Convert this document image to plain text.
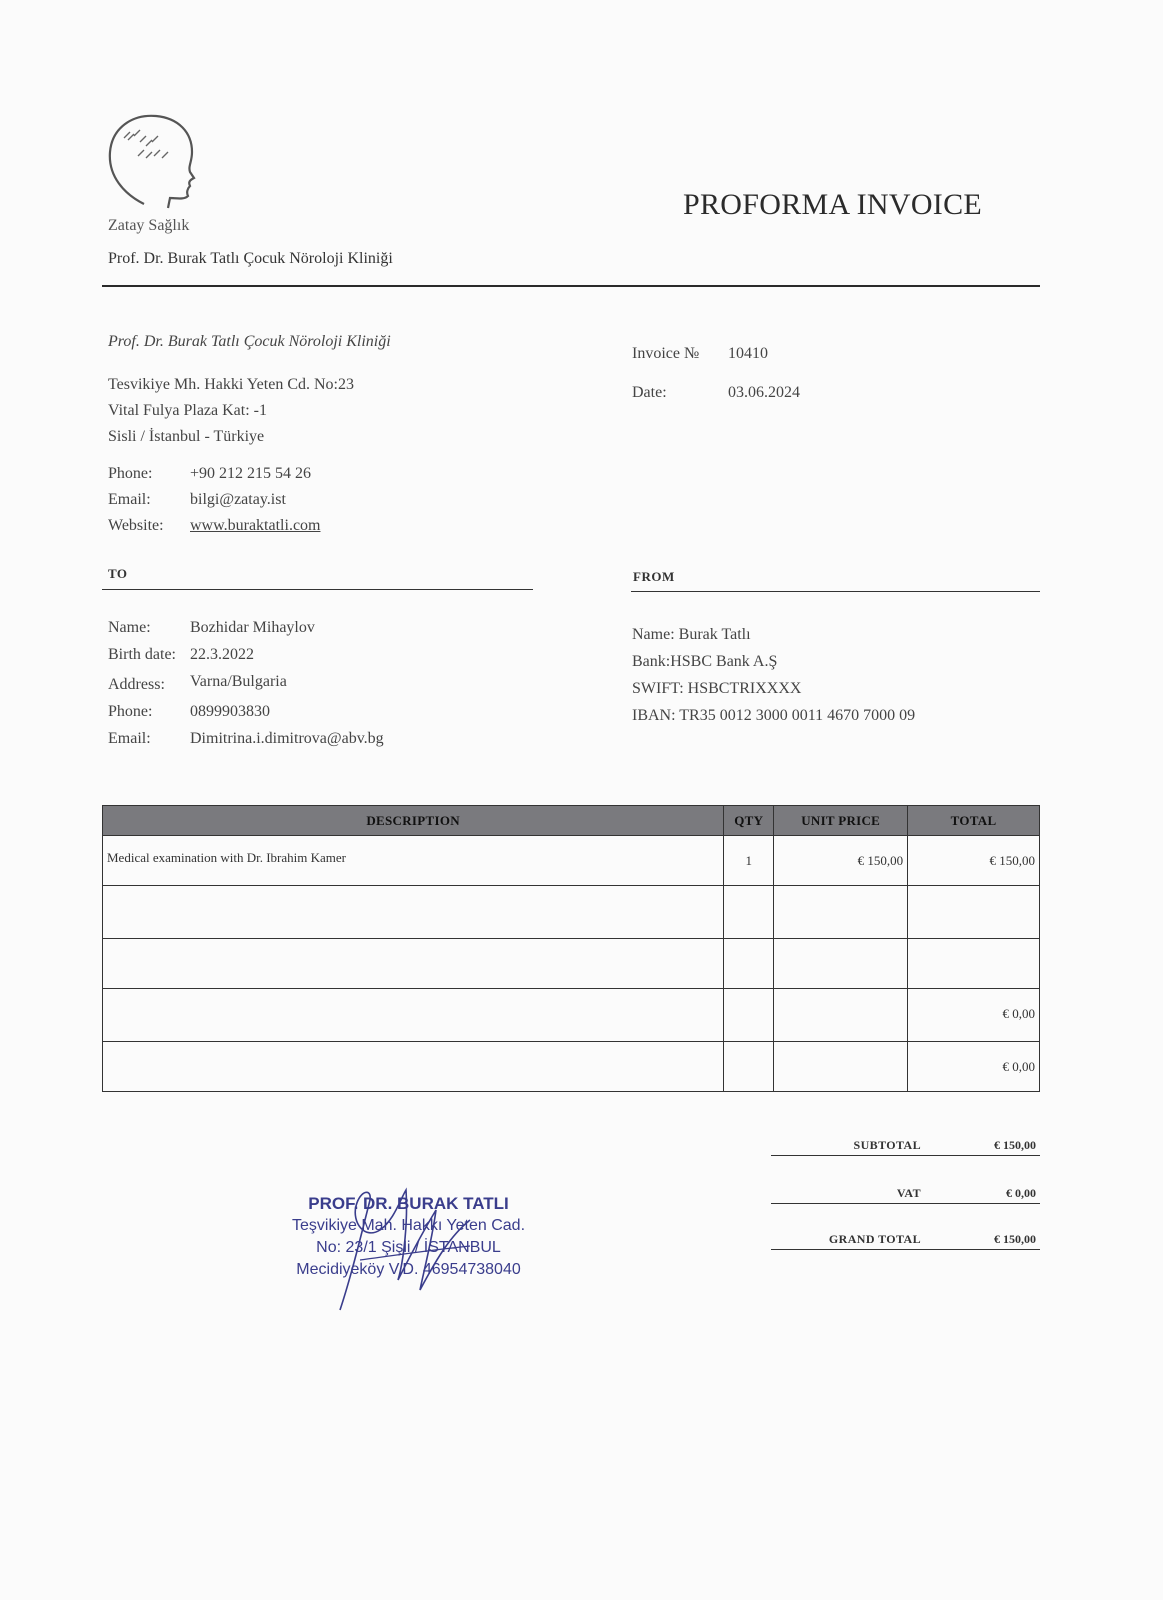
Zatay Sağlık
Prof. Dr. Burak Tatlı Çocuk Nöroloji Kliniği
PROFORMA INVOICE
Prof. Dr. Burak Tatlı Çocuk Nöroloji Kliniği
Tesvikiye Mh. Hakki Yeten Cd. No:23
Vital Fulya Plaza Kat: -1
Sisli / İstanbul - Türkiye
Phone:	+90 212 215 54 26
Email:	bilgi@zatay.ist
Website:	www.buraktatli.com
Invoice №	10410
Date:	03.06.2024
TO	FROM
Name:	Bozhidar Mihaylov
Birth date: 22.3.2022
Address:	Varna/Bulgaria
Phone:	0899903830
Email:	Dimitrina.i.dimitrova@abv.bg
Name: Burak Tatlı
Bank:HSBC Bank A.Ş
SWIFT: HSBCTRIXXXX
IBAN: TR35 0012 3000 0011 4670 7000 09
DESCRIPTION	QTY	UNIT PRICE	TOTAL
Medical examination with Dr. Ibrahim Kamer	1	€ 150,00	€ 150,00

			€ 0,00
			€ 0,00
SUBTOTAL	€ 150,00
VAT	€ 0,00
GRAND TOTAL	€ 150,00
PROF. DR. BURAK TATLI
Teşvikiye Mah. Hakkı Yeten Cad.
No: 23/1 Şişli / İSTANBUL
Mecidiyeköy V.D. 46954738040
